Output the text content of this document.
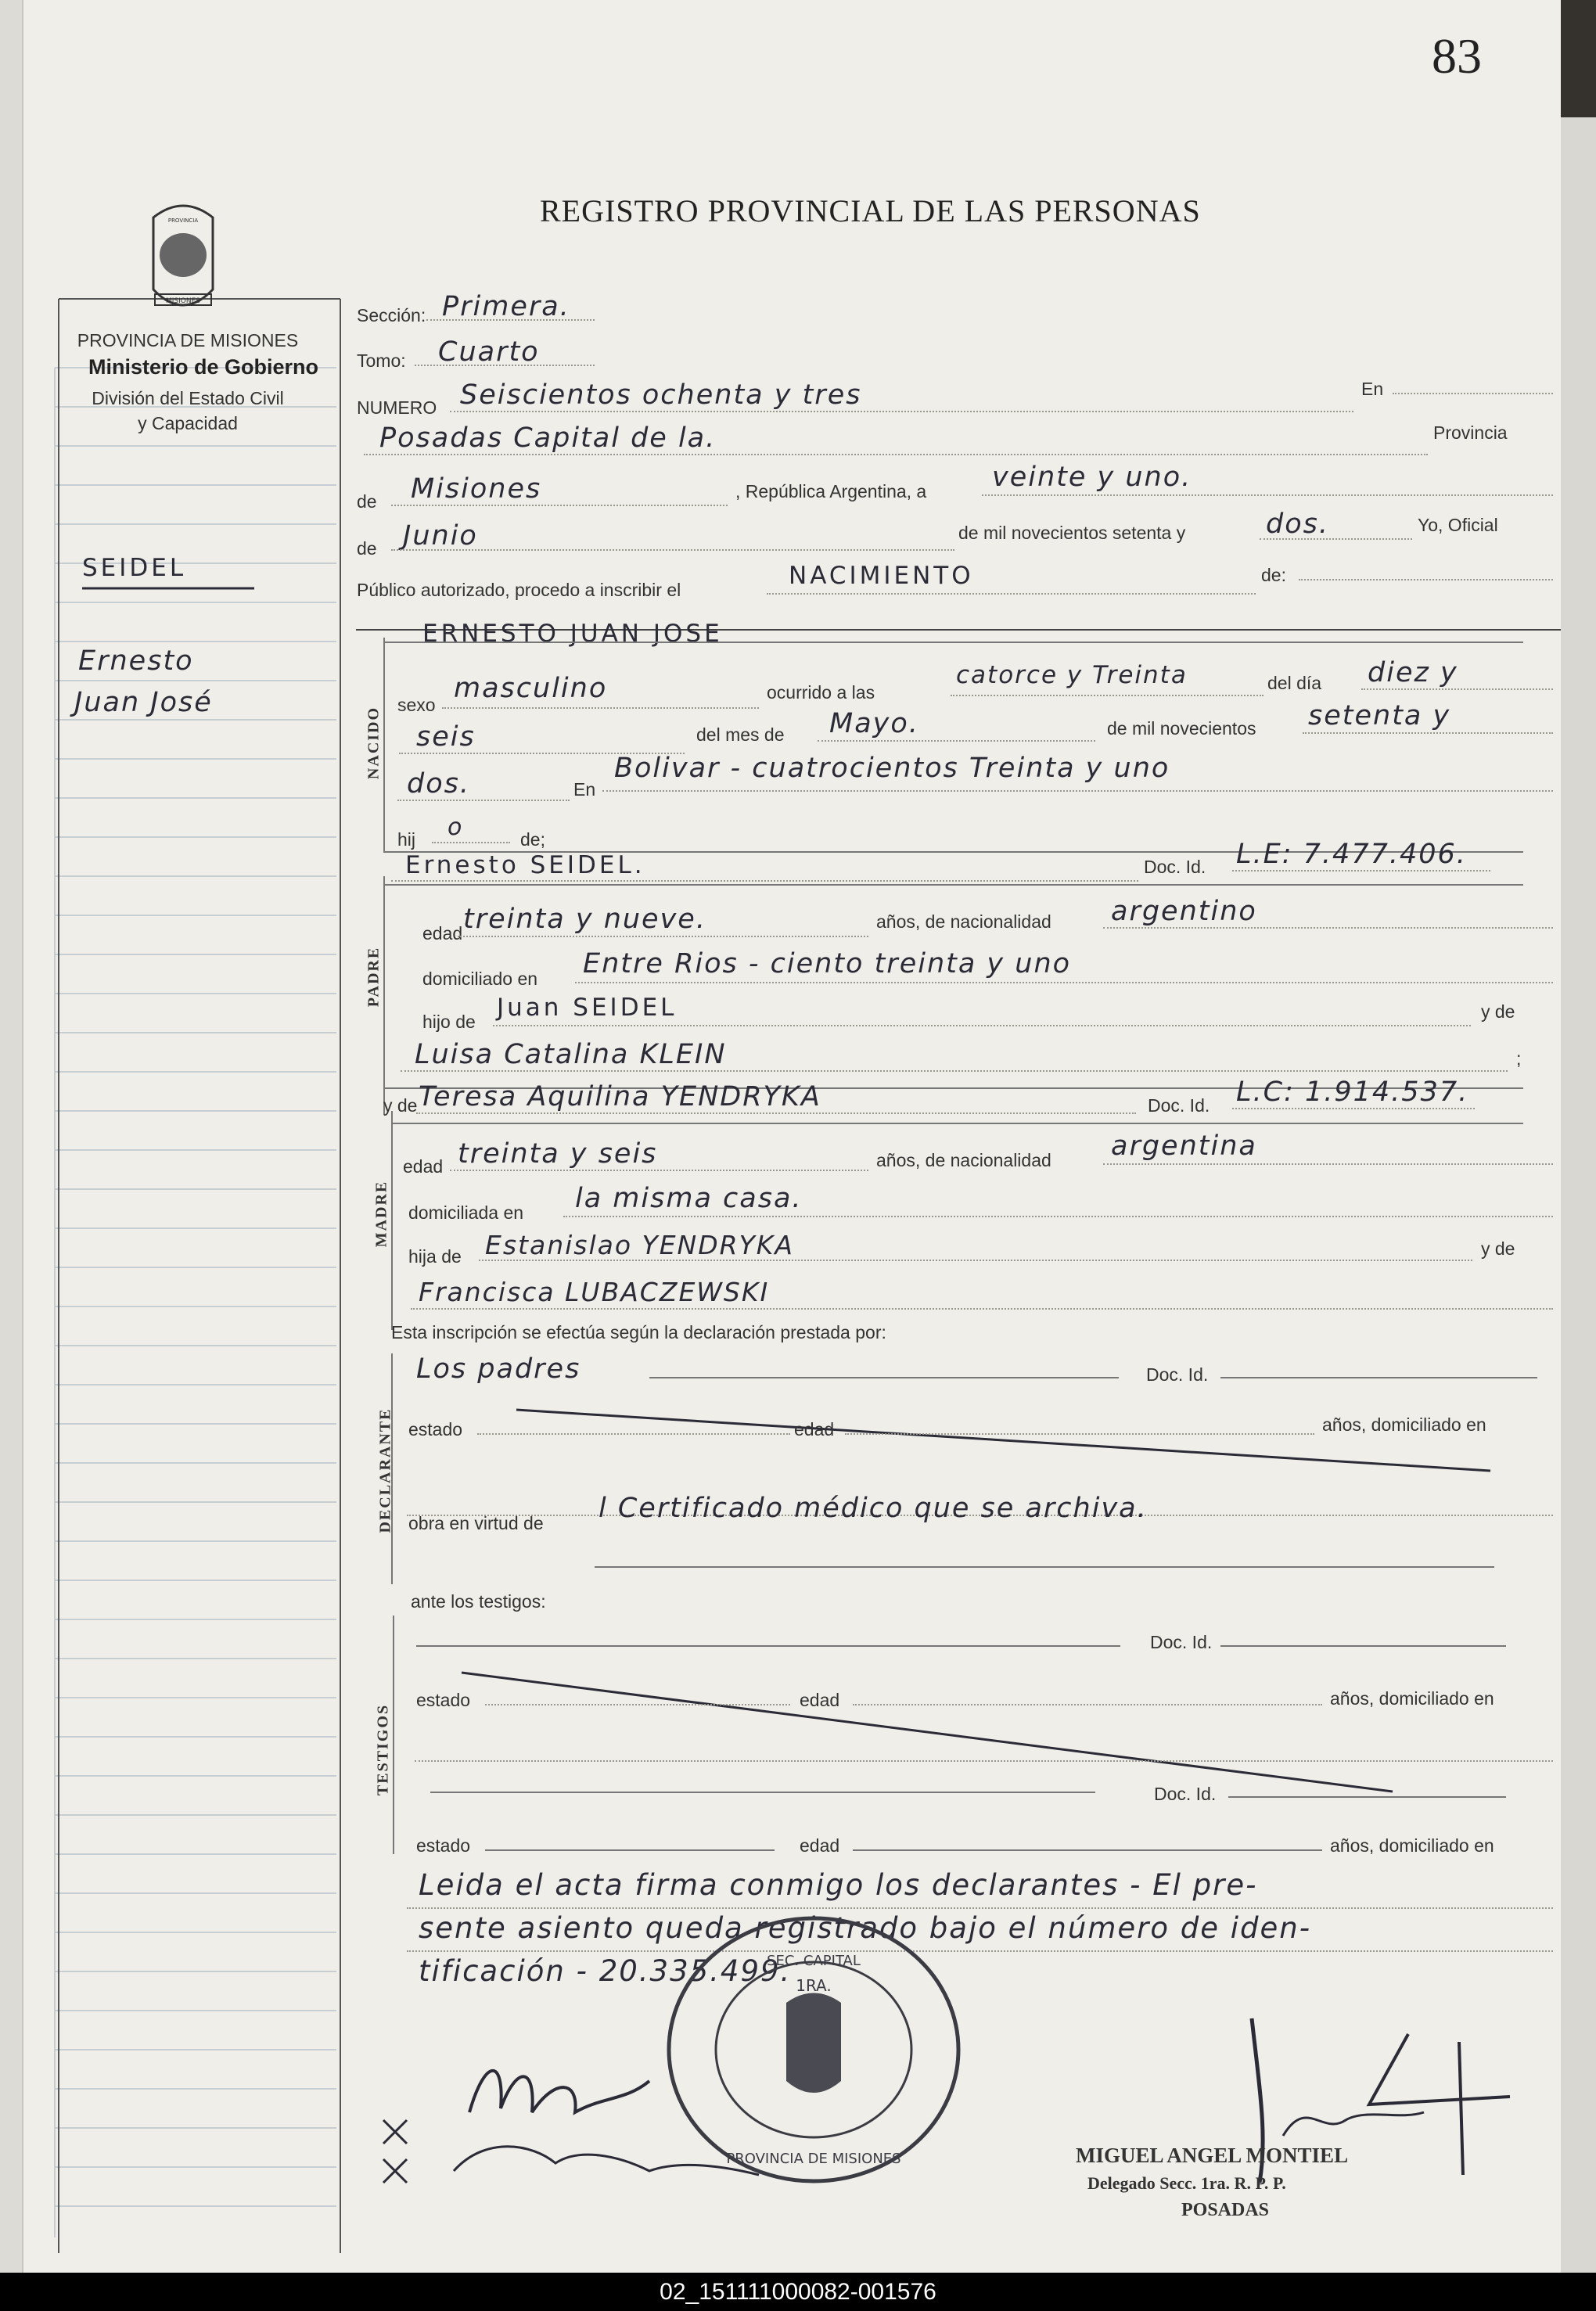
MISIONES
PROVINCIA
83
REGISTRO PROVINCIAL DE LAS PERSONAS
PROVINCIA DE MISIONES
Ministerio de Gobierno
División del Estado Civil
y Capacidad
SEIDEL
Ernesto
Juan José
Sección: Primera.
Tomo: Cuarto
NUMERO Seiscientos ochenta y tres	En
Posadas Capital de la.	Provincia
de Misiones	, República Argentina, a veinte y uno.
de Junio	de mil novecientos setenta y	dos.	Yo, Oficial
Público autorizado, procedo a inscribir el	NACIMIENTO	de:
NACIDO
ERNESTO JUAN JOSE
sexo
masculino	ocurrido a las
catorce y Treinta	del día diez y
seis	del mes de Mayo.	de mil novecientos setenta y
dos.	En
Bolivar - cuatrocientos Treinta y uno
hij o	de;
PADRE
Ernesto SEIDEL.	Doc. Id. L.E: 7.477.406.
edad treinta y nueve.	años, de nacionalidad argentino
domiciliado en Entre Rios - ciento treinta y uno
hijo de Juan SEIDEL	y de
Luisa Catalina KLEIN	;
MADRE
y de Teresa Aquilina YENDRYKA	Doc. Id. L.C: 1.914.537.
edad treinta y seis	años, de nacionalidad argentina
domiciliada en la misma casa.
hija de Estanislao YENDRYKA	y de
Francisca LUBACZEWSKI
Esta inscripción se efectúa según la declaración prestada por:
DECLARANTE
Los padres	Doc. Id.
estado	edad	años, domiciliado en
obra en virtud de l Certificado médico que se archiva.
ante los testigos:
TESTIGOS
Doc. Id.
estado	edad	años, domiciliado en
Doc. Id.
estado	edad	años, domiciliado en
Leida el acta firma conmigo los declarantes - El pre-
sente asiento queda registrado bajo el número de iden-
tificación - 20.335.499. 1RA.
SEC. CAPITAL
PROVINCIA DE MISIONES	MIGUEL ANGEL MONTIEL
Delegado Secc. 1ra. R. P. P.
POSADAS
02_151111000082-001576
